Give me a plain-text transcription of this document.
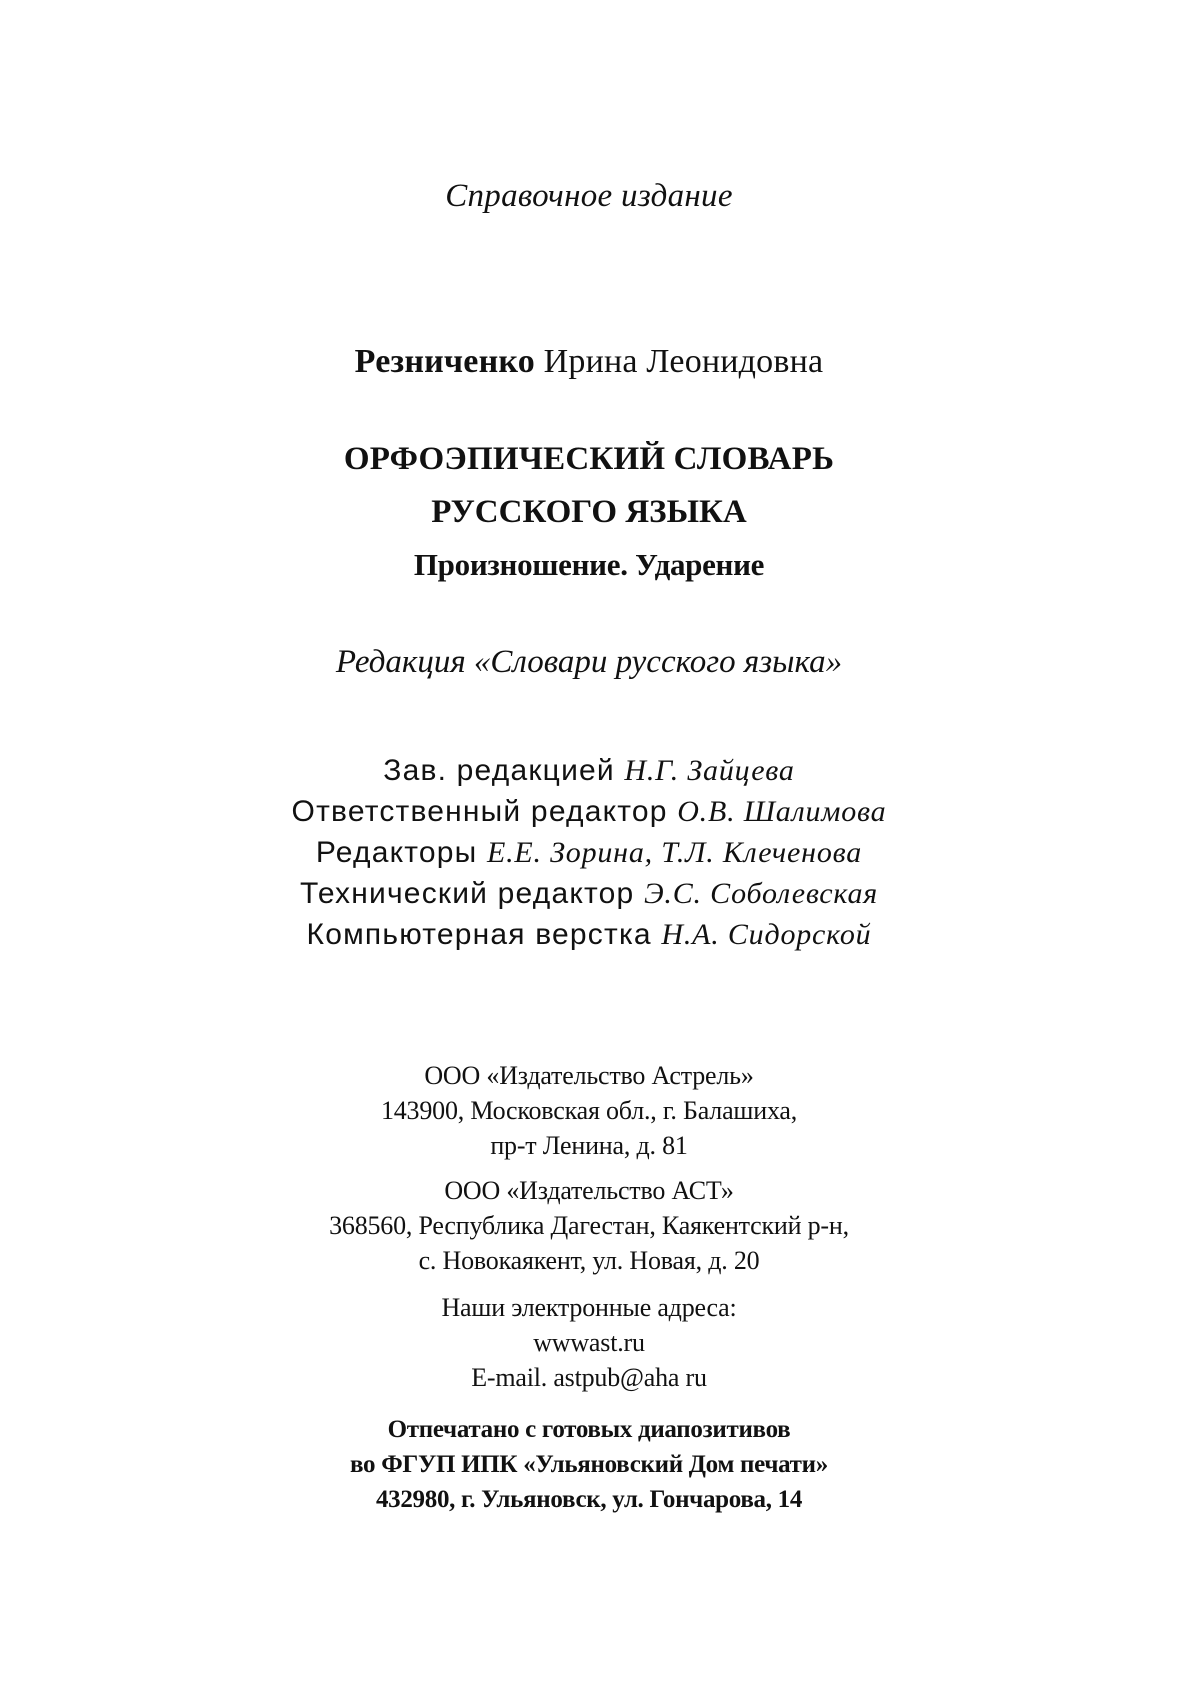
Справочное издание
Резниченко Ирина Леонидовна
ОРФОЭПИЧЕСКИЙ СЛОВАРЬ
РУССКОГО ЯЗЫКА
Произношение. Ударение
Редакция «Словари русского языка»
Зав. редакцией Н.Г. Зайцева
Ответственный редактор О.В. Шалимова
Редакторы Е.Е. Зорина, Т.Л. Клеченова
Технический редактор Э.С. Соболевская
Компьютерная верстка Н.А. Сидорской
ООО «Издательство Астрель»
143900, Московская обл., г. Балашиха,
пр-т Ленина, д. 81
ООО «Издательство АСТ»
368560, Республика Дагестан, Каякентский р-н,
с. Новокаякент, ул. Новая, д. 20
Наши электронные адреса:
wwwast.ru
E-mail. astpub@aha ru
Отпечатано с готовых диапозитивов
во ФГУП ИПК «Ульяновский Дом печати»
432980, г. Ульяновск, ул. Гончарова, 14
